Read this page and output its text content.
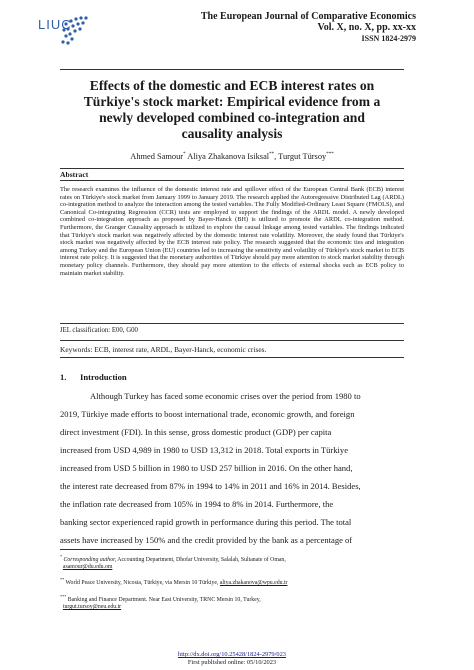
LIUC
The European Journal of Comparative Economics
Vol. X, no. X, pp. xx-xx
ISSN 1824-2979
Effects of the domestic and ECB interest rates on
Türkiye's stock market: Empirical evidence from a
newly developed combined co-integration and
causality analysis
Ahmed Samour* Aliya Zhakanova Isiksal**, Turgut Türsoy***
Abstract
The research examines the influence of the domestic interest rate and spillover effect of the European Central Bank (ECB) interest rates on Türkiye's stock market from January 1999 to January 2019. The research applied the Autoregressive Distributed Lag (ARDL) co-integration method to analyze the interaction among the tested variables. The Fully Modified-Ordinary Least Square (FMOLS), and Canonical Co-integrating Regression (CCR) tests are employed to support the findings of the ARDL model. A newly developed combined co-integration approach as proposed by Bayer-Hanck (BH) is utilized to promote the ARDL co-integration method. Furthermore, the Granger Causality approach is utilized to explore the causal linkage among tested variables. The findings indicated that Türkiye's stock market was negatively affected by the domestic interest rate volatility. Moreover, the study found that Türkiye's stock market was negatively affected by the ECB interest rate policy. The research suggested that the economic ties and integration among Turkey and the European Union (EU) countries led to increasing the sensitivity and volatility of Türkiye's stock market to ECB interest rate policy. It is suggested that the monetary authorities of Türkiye should pay more attention to stock market stability through monetary policy channels. Furthermore, they should pay more attention to the effects of external shocks such as ECB policy to maintain market stability.
JEL classification: E00, G00
Keywords: ECB, interest rate, ARDL, Bayer-Hanck, economic crises.
1. Introduction
Although Turkey has faced some economic crises over the period from 1980 to
2019, Türkiye made efforts to boost international trade, economic growth, and foreign
direct investment (FDI). In this sense, gross domestic product (GDP) per capita
increased from USD 4,989 in 1980 to USD 13,312 in 2018. Total exports in Türkiye
increased from USD 5 billion in 1980 to USD 257 billion in 2016. On the other hand,
the interest rate decreased from 87% in 1994 to 14% in 2011 and 16% in 2014. Besides,
the inflation rate decreased from 105% in 1994 to 8% in 2014. Furthermore, the
banking sector experienced rapid growth in performance during this period. The total
assets have increased by 150% and the credit provided by the bank as a percentage of
* Corresponding author, Accounting Department, Dhofar University, Salalah, Sultanate of Oman,
asamour@du.edu.om
** World Peace University, Nicosia, Türkiye, via Mersin 10 Türkiye, aliya.zhakanova@wpu.edu.tr
*** Banking and Finance Department. Near East University, TRNC Mersin 10, Turkey,
turgut.tursoy@neu.edu.tr
http://dx.doi.org/10.25428/1824-2979/023
First published online: 05/10/2023
